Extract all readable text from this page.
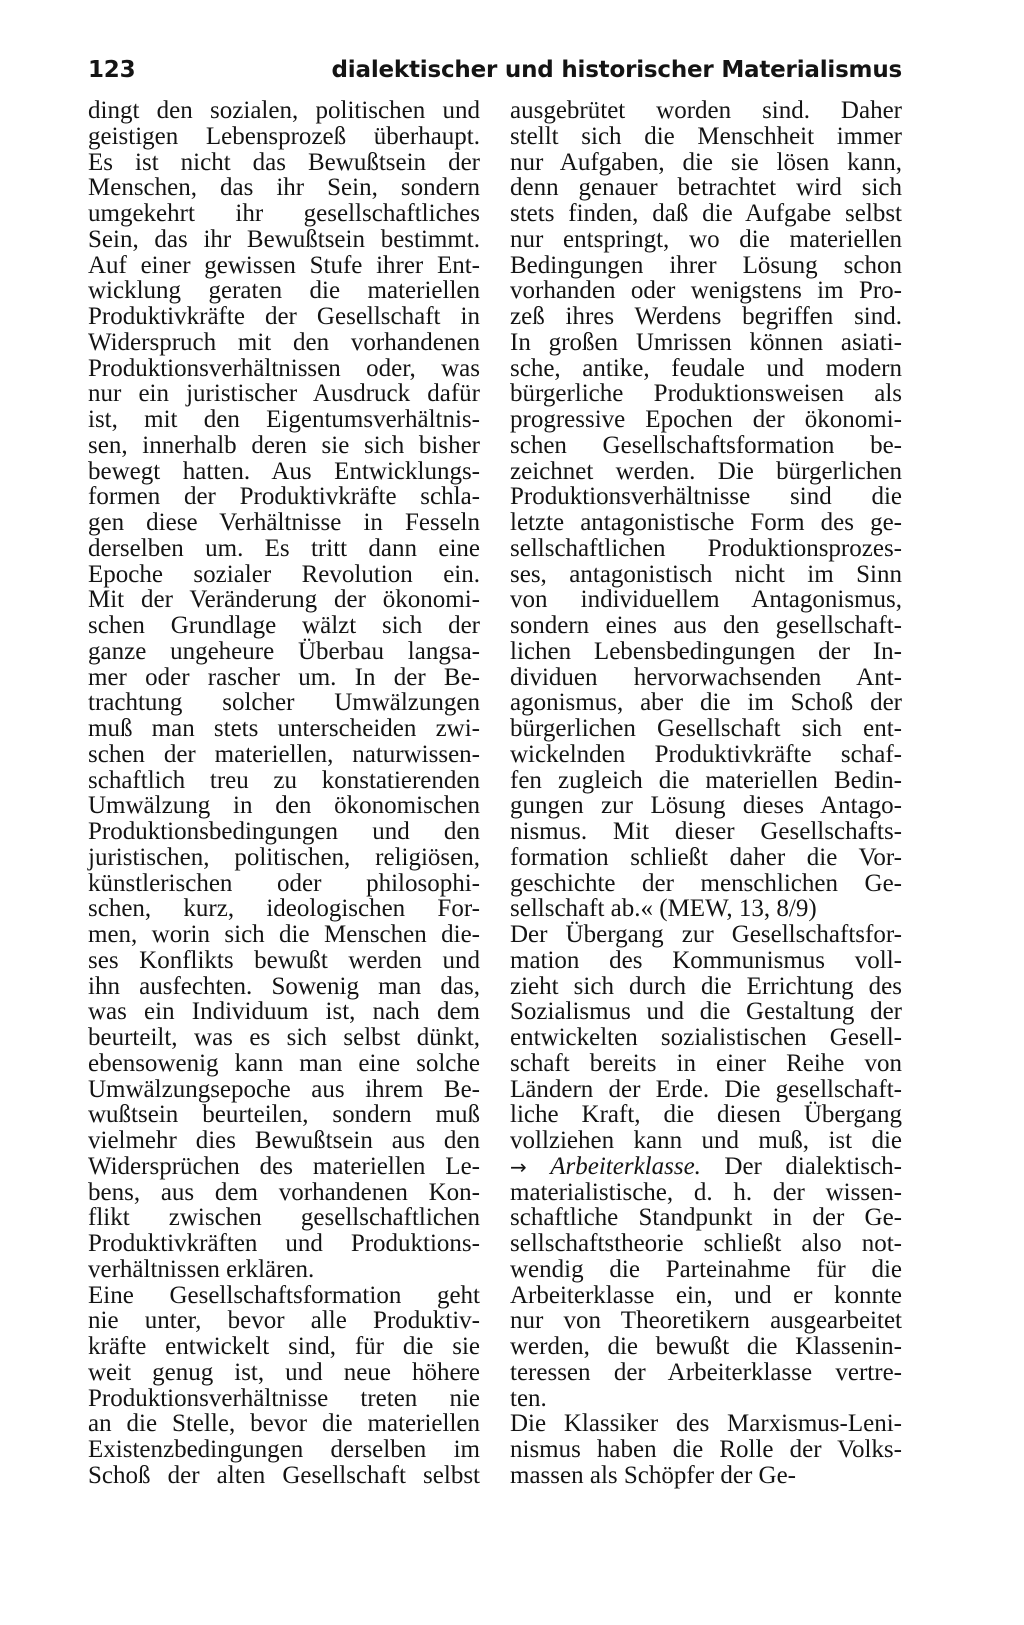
123	dialektischer und historischer Materialismus
dingt den sozialen, politischen und
geistigen Lebensprozeß überhaupt.
Es ist nicht das Bewußtsein der
Menschen, das ihr Sein, sondern
umgekehrt ihr gesellschaftliches
Sein, das ihr Bewußtsein bestimmt.
Auf einer gewissen Stufe ihrer Ent-
wicklung geraten die materiellen
Produktivkräfte der Gesellschaft in
Widerspruch mit den vorhandenen
Produktionsverhältnissen oder, was
nur ein juristischer Ausdruck dafür
ist, mit den Eigentumsverhältnis-
sen, innerhalb deren sie sich bisher
bewegt hatten. Aus Entwicklungs-
formen der Produktivkräfte schla-
gen diese Verhältnisse in Fesseln
derselben um. Es tritt dann eine
Epoche sozialer Revolution ein.
Mit der Veränderung der ökonomi-
schen Grundlage wälzt sich der
ganze ungeheure Überbau langsa-
mer oder rascher um. In der Be-
trachtung solcher Umwälzungen
muß man stets unterscheiden zwi-
schen der materiellen, naturwissen-
schaftlich treu zu konstatierenden
Umwälzung in den ökonomischen
Produktionsbedingungen und den
juristischen, politischen, religiösen,
künstlerischen oder philosophi-
schen, kurz, ideologischen For-
men, worin sich die Menschen die-
ses Konflikts bewußt werden und
ihn ausfechten. Sowenig man das,
was ein Individuum ist, nach dem
beurteilt, was es sich selbst dünkt,
ebensowenig kann man eine solche
Umwälzungsepoche aus ihrem Be-
wußtsein beurteilen, sondern muß
vielmehr dies Bewußtsein aus den
Widersprüchen des materiellen Le-
bens, aus dem vorhandenen Kon-
flikt zwischen gesellschaftlichen
Produktivkräften und Produktions-
verhältnissen erklären.
Eine Gesellschaftsformation geht
nie unter, bevor alle Produktiv-
kräfte entwickelt sind, für die sie
weit genug ist, und neue höhere
Produktionsverhältnisse treten nie
an die Stelle, bevor die materiellen
Existenzbedingungen derselben im
Schoß der alten Gesellschaft selbst
ausgebrütet worden sind. Daher
stellt sich die Menschheit immer
nur Aufgaben, die sie lösen kann,
denn genauer betrachtet wird sich
stets finden, daß die Aufgabe selbst
nur entspringt, wo die materiellen
Bedingungen ihrer Lösung schon
vorhanden oder wenigstens im Pro-
zeß ihres Werdens begriffen sind.
In großen Umrissen können asiati-
sche, antike, feudale und modern
bürgerliche Produktionsweisen als
progressive Epochen der ökonomi-
schen Gesellschaftsformation be-
zeichnet werden. Die bürgerlichen
Produktionsverhältnisse sind die
letzte antagonistische Form des ge-
sellschaftlichen Produktionsprozes-
ses, antagonistisch nicht im Sinn
von individuellem Antagonismus,
sondern eines aus den gesellschaft-
lichen Lebensbedingungen der In-
dividuen hervorwachsenden Ant-
agonismus, aber die im Schoß der
bürgerlichen Gesellschaft sich ent-
wickelnden Produktivkräfte schaf-
fen zugleich die materiellen Bedin-
gungen zur Lösung dieses Antago-
nismus. Mit dieser Gesellschafts-
formation schließt daher die Vor-
geschichte der menschlichen Ge-
sellschaft ab.« (MEW, 13, 8/9)
Der Übergang zur Gesellschaftsfor-
mation des Kommunismus voll-
zieht sich durch die Errichtung des
Sozialismus und die Gestaltung der
entwickelten sozialistischen Gesell-
schaft bereits in einer Reihe von
Ländern der Erde. Die gesellschaft-
liche Kraft, die diesen Übergang
vollziehen kann und muß, ist die
→ Arbeiterklasse. Der dialektisch-
materialistische, d. h. der wissen-
schaftliche Standpunkt in der Ge-
sellschaftstheorie schließt also not-
wendig die Parteinahme für die
Arbeiterklasse ein, und er konnte
nur von Theoretikern ausgearbeitet
werden, die bewußt die Klassenin-
teressen der Arbeiterklasse vertre-
ten.
Die Klassiker des Marxismus-Leni-
nismus haben die Rolle der Volks-
massen als Schöpfer der Ge-
